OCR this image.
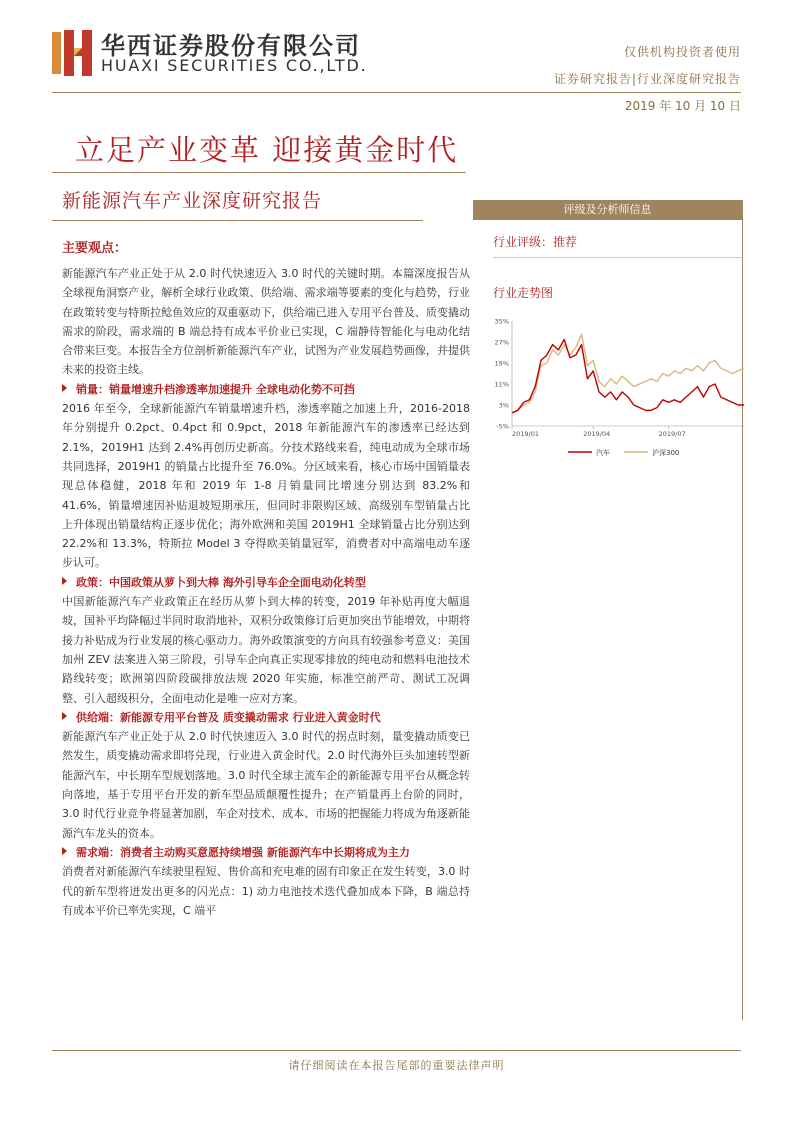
华西证券股份有限公司
HUAXI SECURITIES CO.,LTD.
仅供机构投资者使用
证券研究报告|行业深度研究报告
2019 年 10 月 10 日
立足产业变革 迎接黄金时代
新能源汽车产业深度研究报告
主要观点：

新能源汽车产业正处于从 2.0 时代快速迈入 3.0 时代的关键时期。本篇深度报告从全球视角洞察产业，解析全球行业政策、供给端、需求端等要素的变化与趋势，行业在政策转变与特斯拉鲶鱼效应的双重驱动下，供给端已进入专用平台普及、质变撬动需求的阶段，需求端的 B 端总持有成本平价业已实现，C 端静待智能化与电动化结合带来巨变。本报告全方位剖析新能源汽车产业，试图为产业发展趋势画像，并提供未来的投资主线。

销量：销量增速升档渗透率加速提升 全球电动化势不可挡

2016 年至今，全球新能源汽车销量增速升档，渗透率随之加速上升，2016-2018 年分别提升 0.2pct、0.4pct 和 0.9pct，2018 年新能源汽车的渗透率已经达到 2.1%，2019H1 达到 2.4%再创历史新高。分技术路线来看，纯电动成为全球市场共同选择，2019H1 的销量占比提升至 76.0%。分区域来看，核心市场中国销量表现总体稳健，2018 年和 2019 年 1-8 月销量同比增速分别达到 83.2%和 41.6%，销量增速因补贴退坡短期承压，但同时非限购区域、高级别车型销量占比上升体现出销量结构正逐步优化；海外欧洲和美国 2019H1 全球销量占比分别达到 22.2%和 13.3%，特斯拉 Model 3 夺得欧美销量冠军，消费者对中高端电动车逐步认可。

政策：中国政策从萝卜到大棒 海外引导车企全面电动化转型

中国新能源汽车产业政策正在经历从萝卜到大棒的转变，2019 年补贴再度大幅退坡，国补平均降幅过半同时取消地补，双积分政策修订后更加突出节能增效，中期将接力补贴成为行业发展的核心驱动力。海外政策演变的方向具有较强参考意义：美国加州 ZEV 法案进入第三阶段，引导车企向真正实现零排放的纯电动和燃料电池技术路线转变；欧洲第四阶段碳排放法规 2020 年实施，标准空前严苛、测试工况调整、引入超级积分，全面电动化是唯一应对方案。

供给端：新能源专用平台普及 质变撬动需求 行业进入黄金时代

新能源汽车产业正处于从 2.0 时代快速迈入 3.0 时代的拐点时刻，量变撬动质变已然发生，质变撬动需求即将兑现，行业进入黄金时代。2.0 时代海外巨头加速转型新能源汽车，中长期车型规划落地。3.0 时代全球主流车企的新能源专用平台从概念转向落地，基于专用平台开发的新车型品质颠覆性提升；在产销量再上台阶的同时，3.0 时代行业竞争将显著加剧，车企对技术、成本、市场的把握能力将成为角逐新能源汽车龙头的资本。

需求端：消费者主动购买意愿持续增强 新能源汽车中长期将成为主力

消费者对新能源汽车续驶里程短、售价高和充电难的固有印象正在发生转变，3.0 时代的新车型将迸发出更多的闪光点：1) 动力电池技术迭代叠加成本下降，B 端总持有成本平价已率先实现，C 端平

评级及分析师信息
行业评级：推荐
行业走势图
35%
27%
19%
11%
3%
-5%
2019/01	2019/04	2019/07
汽车	沪深300
请仔细阅读在本报告尾部的重要法律声明
